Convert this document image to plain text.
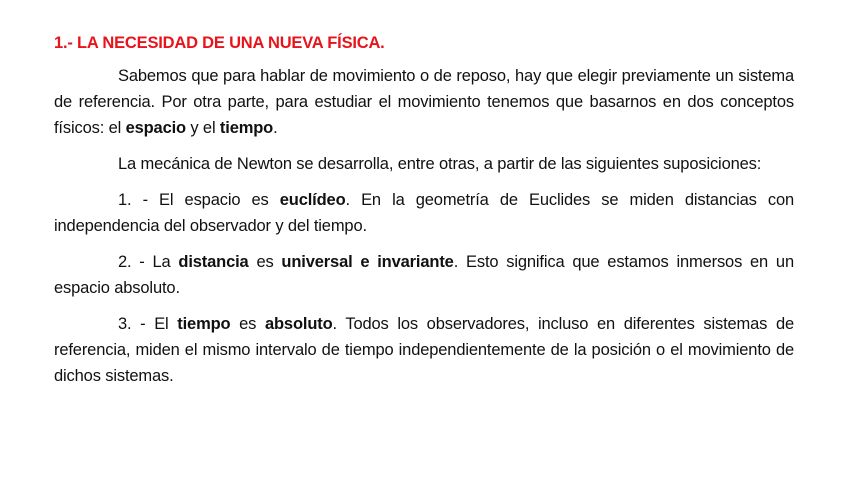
1.- LA NECESIDAD DE UNA NUEVA FÍSICA.

Sabemos que para hablar de movimiento o de reposo, hay que elegir previamente un sistema de referencia. Por otra parte, para estudiar el movimiento tenemos que basarnos en dos conceptos físicos: el espacio y el tiempo.

La mecánica de Newton se desarrolla, entre otras, a partir de las siguientes suposiciones:

1. - El espacio es euclídeo. En la geometría de Euclides se miden distancias con independencia del observador y del tiempo.

2. - La distancia es universal e invariante. Esto significa que estamos inmersos en un espacio absoluto.

3. - El tiempo es absoluto. Todos los observadores, incluso en diferentes sistemas de referencia, miden el mismo intervalo de tiempo independientemente de la posición o el movimiento de dichos sistemas.
